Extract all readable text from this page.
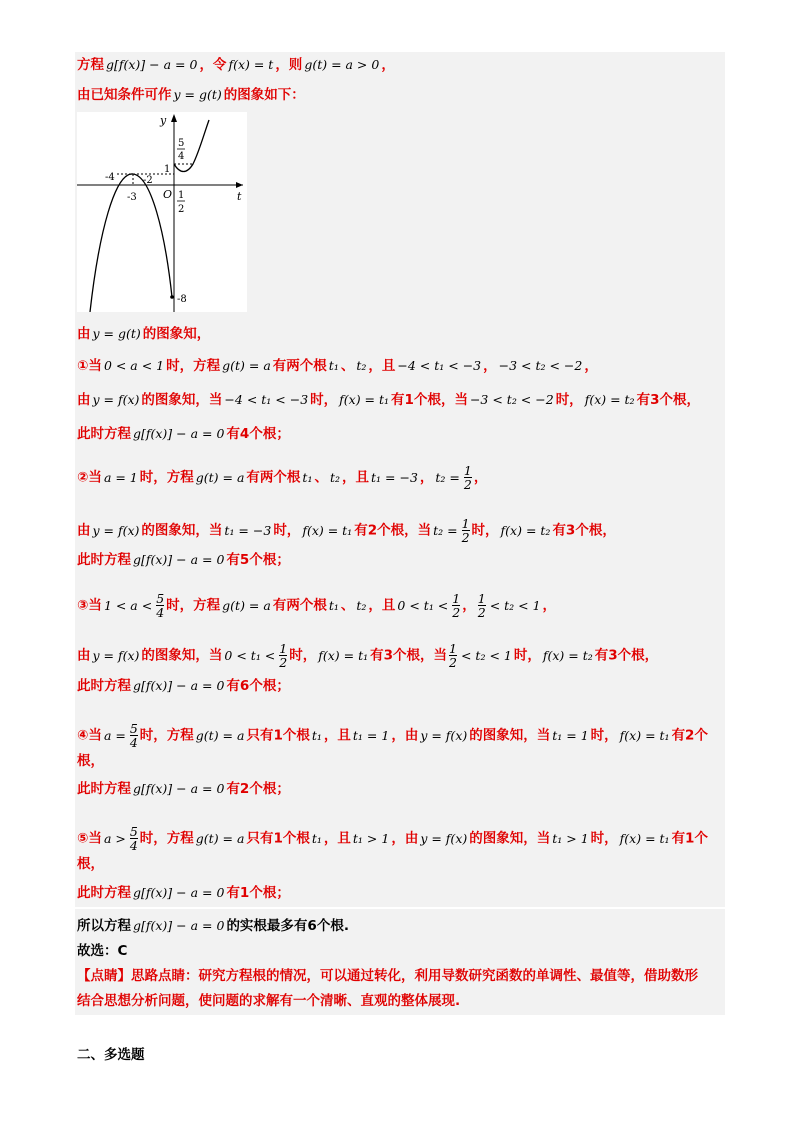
方程 g[f(x)] − a = 0 ，令 f(x) = t ，则 g(t) = a > 0 ，
由已知条件可作 y = g(t) 的图象如下：
y
t
O
-4
-3
-2
1
5
4
1
2
-8
由 y = g(t) 的图象知，
①当 0 < a < 1 时，方程 g(t) = a 有两个根 t₁ 、 t₂ ，且 −4 < t₁ < −3 ， −3 < t₂ < −2 ，
由 y = f(x) 的图象知，当 −4 < t₁ < −3 时， f(x) = t₁ 有1个根，当 −3 < t₂ < −2 时， f(x) = t₂ 有3个根，
此时方程 g[f(x)] − a = 0 有4个根；
②当 a = 1 时，方程 g(t) = a 有两个根 t₁ 、 t₂ ，且 t₁ = −3 ， $t_2 = \frac{1}{2}$ ，
由 y = f(x) 的图象知，当 t₁ = −3 时， f(x) = t₁ 有2个根，当 $t_2 = \frac{1}{2}$ 时， f(x) = t₂ 有3个根，
此时方程 g[f(x)] − a = 0 有5个根；
③当 $1 < a < \frac{5}{4}$ 时，方程 g(t) = a 有两个根 t₁ 、 t₂ ，且 $0 < t_1 < \frac{1}{2}$ ， $\frac{1}{2} < t_2 < 1$ ，
由 y = f(x) 的图象知，当 $0 < t_1 < \frac{1}{2}$ 时， f(x) = t₁ 有3个根，当 $\frac{1}{2} < t_2 < 1$ 时， f(x) = t₂ 有3个根，
此时方程 g[f(x)] − a = 0 有6个根；
④当 $a = \frac{5}{4}$ 时，方程 g(t) = a 只有1个根 t₁ ，且 t₁ = 1 ，由 y = f(x) 的图象知，当 t₁ = 1 时， f(x) = t₁ 有2个
根，
此时方程 g[f(x)] − a = 0 有2个根；
⑤当 $a > \frac{5}{4}$ 时，方程 g(t) = a 只有1个根 t₁ ，且 t₁ > 1 ，由 y = f(x) 的图象知，当 t₁ > 1 时， f(x) = t₁ 有1个
根，
此时方程 g[f(x)] − a = 0 有1个根；
所以方程 g[f(x)] − a = 0 的实根最多有6个根.
故选：C
【点睛】思路点睛：研究方程根的情况，可以通过转化，利用导数研究函数的单调性、最值等，借助数形
结合思想分析问题，使问题的求解有一个清晰、直观的整体展现.
二、多选题
